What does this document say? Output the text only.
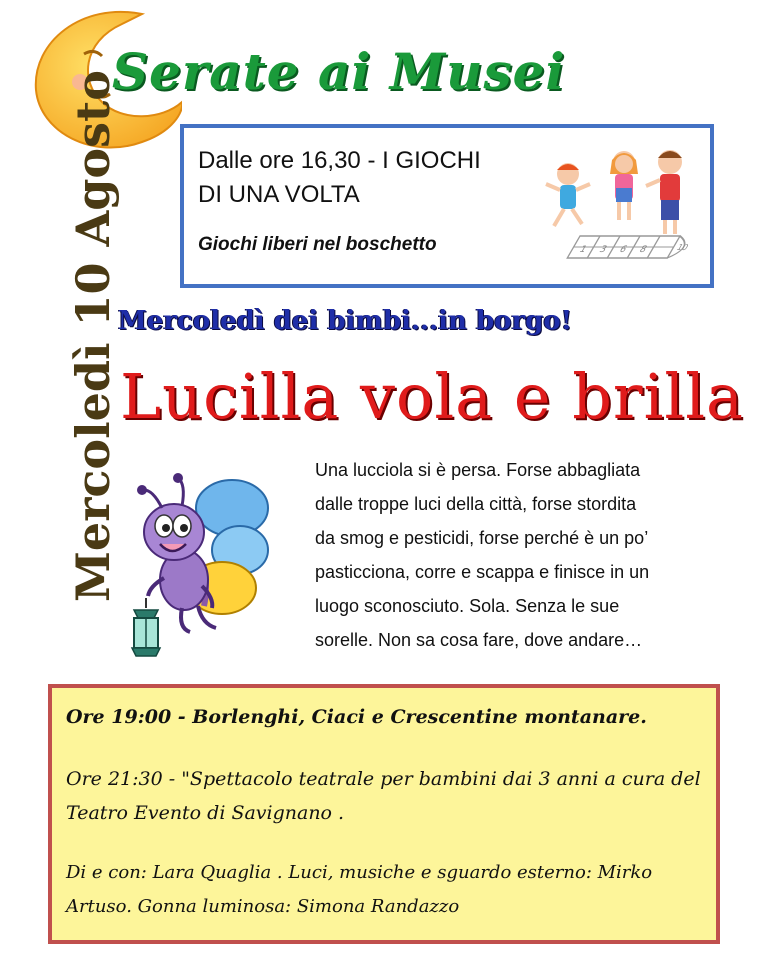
Serate ai Musei
Dalle ore 16,30 - I GIOCHI
DI UNA VOLTA
Giochi liberi nel boschetto	1 3 6 8	10
Mercoledì 10 Agosto
Mercoledì dei bimbi...in borgo!
Lucilla vola e brilla
Una lucciola si è persa. Forse abbagliata
dalle troppe luci della città, forse stordita
da smog e pesticidi, forse perché è un po’
pasticciona, corre e scappa e finisce in un
luogo sconosciuto. Sola. Senza le sue
sorelle. Non sa cosa fare, dove andare…
Ore 19:00 - Borlenghi, Ciaci e Crescentine montanare.
Ore 21:30 - "Spettacolo teatrale per bambini dai 3 anni a cura del Teatro Evento di Savignano .
Di e con: Lara Quaglia . Luci, musiche e sguardo esterno: Mirko Artuso. Gonna luminosa: Simona Randazzo
